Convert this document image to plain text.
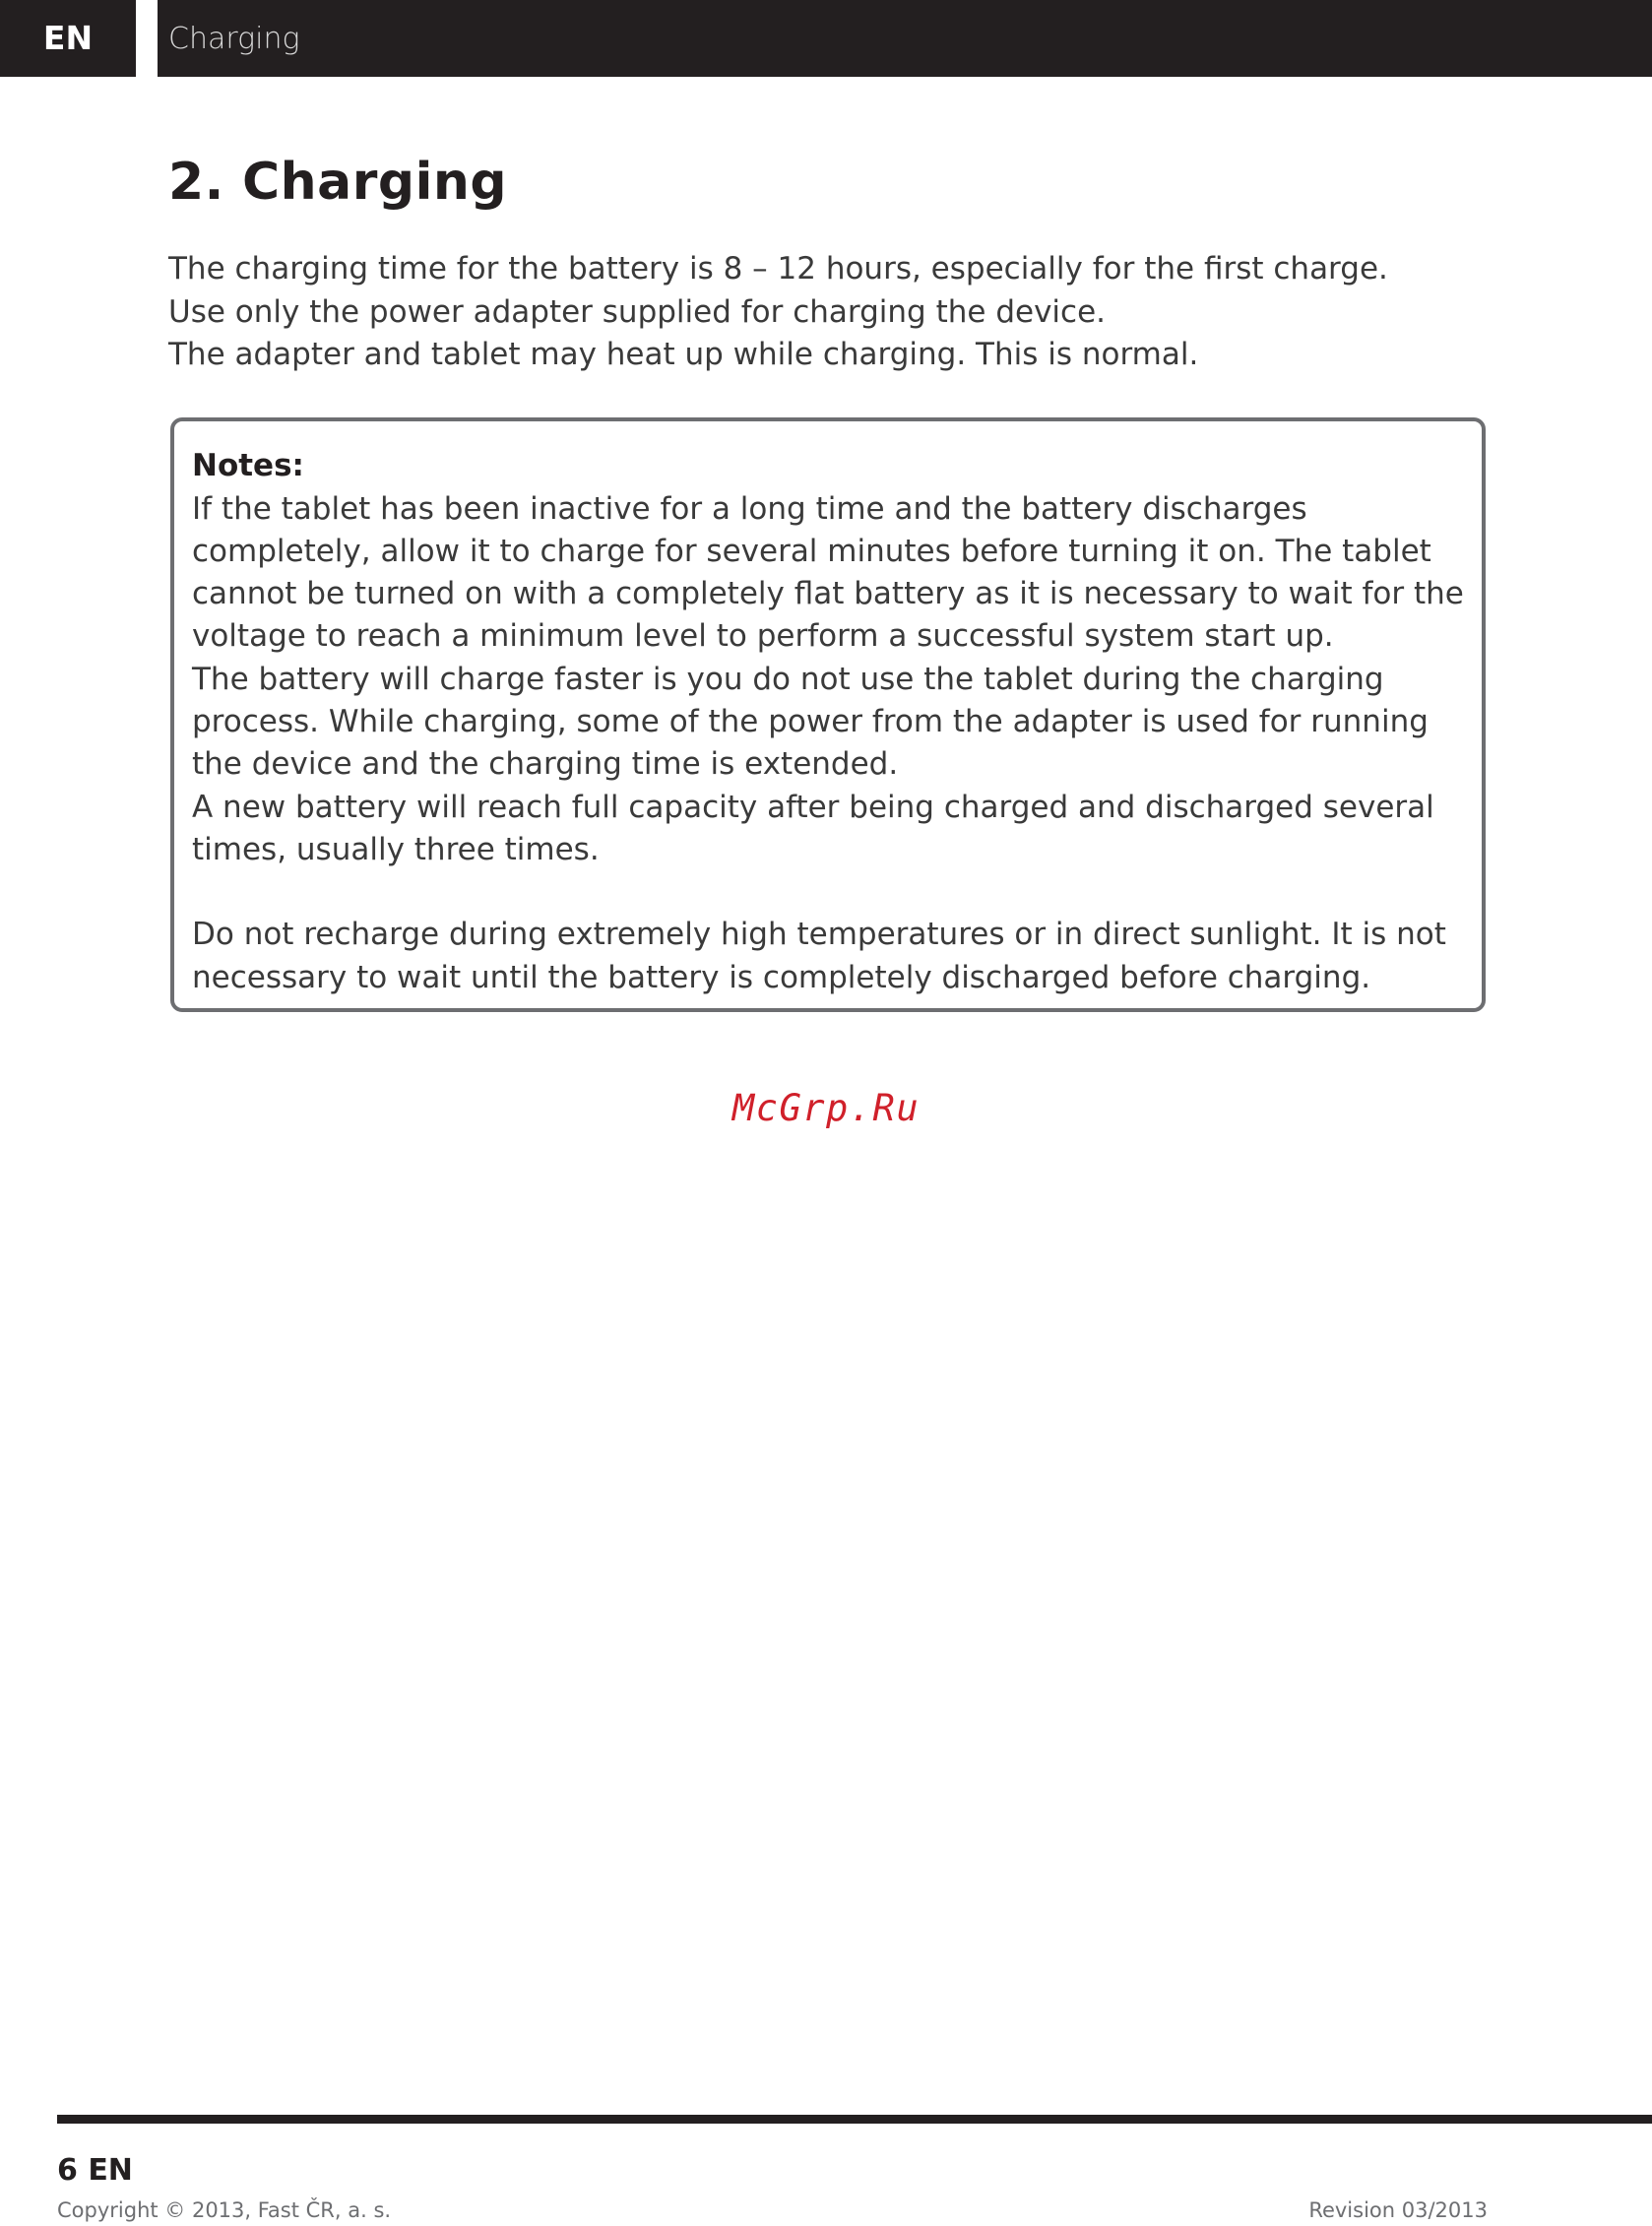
EN	Charging
2. Charging

The charging time for the battery is 8 – 12 hours, especially for the first charge.

Use only the power adapter supplied for charging the device.

The adapter and tablet may heat up while charging. This is normal.

Notes:

If the tablet has been inactive for a long time and the battery discharges completely, allow it to charge for several minutes before turning it on. The tablet cannot be turned on with a completely flat battery as it is necessary to wait for the voltage to reach a minimum level to perform a successful system start up.

The battery will charge faster is you do not use the tablet during the charging process. While charging, some of the power from the adapter is used for running the device and the charging time is extended.

A new battery will reach full capacity after being charged and discharged several times, usually three times.

Do not recharge during extremely high temperatures or in direct sunlight. It is not necessary to wait until the battery is completely discharged before charging.

McGrp.Ru
6 EN
Copyright © 2013, Fast ČR, a. s.	Revision 03/2013
